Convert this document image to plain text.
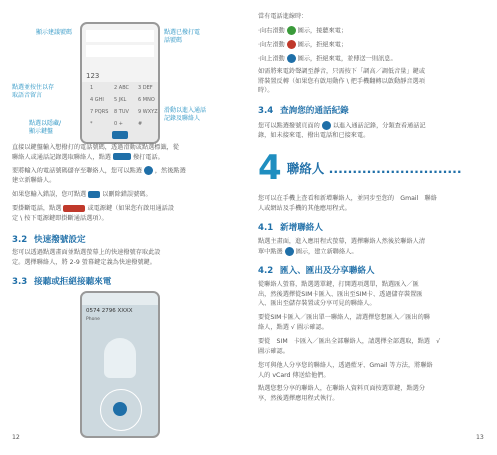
顯示建議號碼	點選已撥打電
話號碼
點選並按住以存
取語音留言
滑動以進入通話
記錄及聯絡人
點選以隱藏/
顯示鍵盤
123
1	2 ABC 3 DEF
4 GHI 5 JKL 6 MNO
7 PQRS 8 TUV 9 WXYZ
*	0 +	#

直接以鍵盤輸入想撥打的電話號碼，透過滑動或點選標籤，從
聯絡人或通話記錄選取聯絡人，點選	撥打電話。

要將輸入的電話號碼儲存至聯絡人，您可以點選 ，然後點選
建立新聯絡人。

如果您輸入錯誤，您可點選	以刪除錯誤號碼。

要掛斷電話，點選	或電源鍵（如果您有啟用通話設
定 \ 按下電源鍵即掛斷通話選項）。

3.2 快速撥號設定

您可以透過點選畫面並點選螢幕上的快速撥號存取此設
定。選擇聯絡人，將 2-9 螢幕鍵定義為快速撥號鍵。

3.3 接聽或拒絕接聽來電
0574 2796 XXXX
Phone
12

當有電話進線時：

‧向右滑動 圖示，接聽來電；

‧向左滑動 圖示，拒絕來電；

‧向上滑動 圖示，拒絕來電，並傳送一則訊息。

如需將來電鈴聲調至靜音，只需按下「調高／調低音量」鍵或
將裝置反轉（如果您有啟用動作 \ 把手機翻轉以啟動靜音選項
時）。

3.4 查詢您的通話紀錄

您可以點選撥號頁面的 以進入通話記錄，分類查看通話記
錄，如未接來電、撥出電話和已接來電。

4 聯絡人 ............................

您可以在手機上查看和新增聯絡人，並同步至您的　Gmail　聯絡
人或網站及手機的其他應用程式。

4.1 新增聯絡人

點選主畫面，進入應用程式螢幕，選擇聯絡人然後於聯絡人清
單中點選 圖示，建立新聯絡人。

4.2 匯入、匯出及分享聯絡人

從聯絡人螢幕，點選選單鍵，打開選項選單，點選匯入／匯
出，然後選擇從SIM卡匯入、匯出至SIM卡、透過儲存裝置匯
入、匯出至儲存裝置或分享可見的聯絡人。

要從SIM卡匯入／匯出單一聯絡人，請選擇您想匯入／匯出的聯
絡人，點選 √ 圖示確認。

要從　SIM　卡匯入／匯出全部聯絡人，請選擇全部選取，點選　√
圖示確認。

您可與他人分享您的聯絡人，透過藍牙、Gmail 等方法，將聯絡
人的 vCard 傳送給他們。

點選您想分享的聯絡人，在聯絡人資料頁面按選單鍵，點選分
享，然後選擇應用程式執行。

13
